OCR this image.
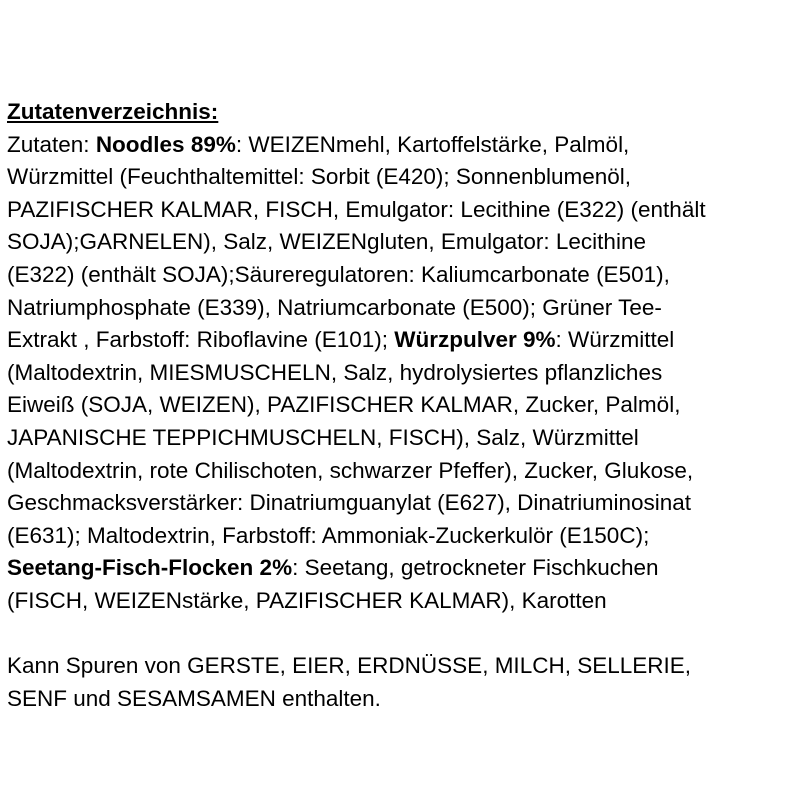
Zutatenverzeichnis:
Zutaten: Noodles 89%: WEIZENmehl, Kartoffelstärke, Palmöl,
Würzmittel (Feuchthaltemittel: Sorbit (E420); Sonnenblumenöl,
PAZIFISCHER KALMAR, FISCH, Emulgator: Lecithine (E322) (enthält
SOJA);GARNELEN), Salz, WEIZENgluten, Emulgator: Lecithine
(E322) (enthält SOJA);Säureregulatoren: Kaliumcarbonate (E501),
Natriumphosphate (E339), Natriumcarbonate (E500); Grüner Tee-
Extrakt , Farbstoff: Riboflavine (E101); Würzpulver 9%: Würzmittel
(Maltodextrin, MIESMUSCHELN, Salz, hydrolysiertes pflanzliches
Eiweiß (SOJA, WEIZEN), PAZIFISCHER KALMAR, Zucker, Palmöl,
JAPANISCHE TEPPICHMUSCHELN, FISCH), Salz, Würzmittel
(Maltodextrin, rote Chilischoten, schwarzer Pfeffer), Zucker, Glukose,
Geschmacksverstärker: Dinatriumguanylat (E627), Dinatriuminosinat
(E631); Maltodextrin, Farbstoff: Ammoniak-Zuckerkulör (E150C);
Seetang-Fisch-Flocken 2%: Seetang, getrockneter Fischkuchen
(FISCH, WEIZENstärke, PAZIFISCHER KALMAR), Karotten
Kann Spuren von GERSTE, EIER, ERDNÜSSE, MILCH, SELLERIE,
SENF und SESAMSAMEN enthalten.
